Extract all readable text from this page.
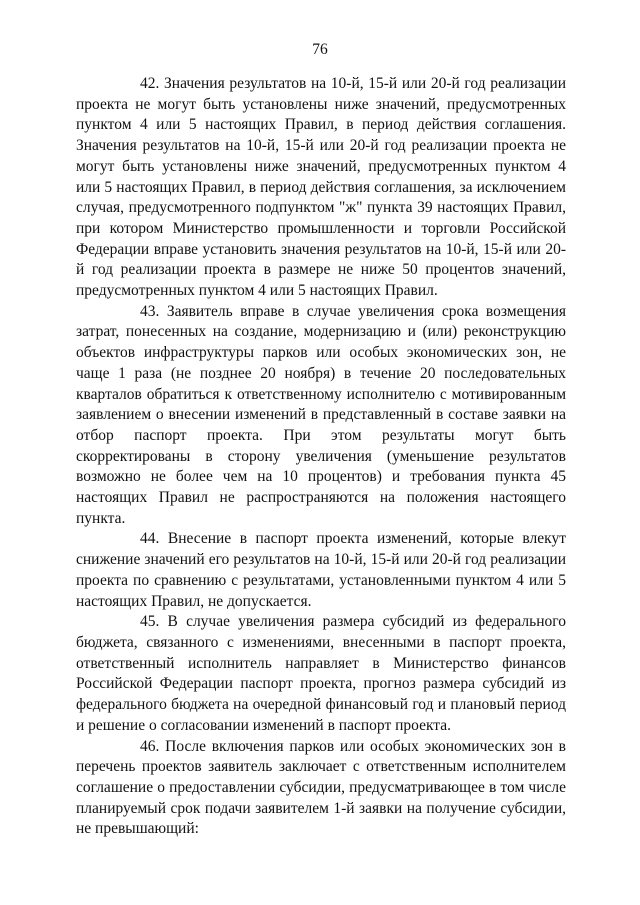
76

42. Значения результатов на 10-й, 15-й или 20-й год реализации проекта не могут быть установлены ниже значений, предусмотренных пунктом 4 или 5 настоящих Правил, в период действия соглашения. Значения результатов на 10-й, 15-й или 20-й год реализации проекта не могут быть установлены ниже значений, предусмотренных пунктом 4 или 5 настоящих Правил, в период действия соглашения, за исключением случая, предусмотренного подпунктом "ж" пункта 39 настоящих Правил, при котором Министерство промышленности и торговли Российской Федерации вправе установить значения результатов на 10-й, 15-й или 20-й год реализации проекта в размере не ниже 50 процентов значений, предусмотренных пунктом 4 или 5 настоящих Правил.

43. Заявитель вправе в случае увеличения срока возмещения затрат, понесенных на создание, модернизацию и (или) реконструкцию объектов инфраструктуры парков или особых экономических зон, не чаще 1 раза (не позднее 20 ноября) в течение 20 последовательных кварталов обратиться к ответственному исполнителю с мотивированным заявлением о внесении изменений в представленный в составе заявки на отбор паспорт проекта. При этом результаты могут быть скорректированы в сторону увеличения (уменьшение результатов возможно не более чем на 10 процентов) и требования пункта 45 настоящих Правил не распространяются на положения настоящего пункта.

44. Внесение в паспорт проекта изменений, которые влекут снижение значений его результатов на 10-й, 15-й или 20-й год реализации проекта по сравнению с результатами, установленными пунктом 4 или 5 настоящих Правил, не допускается.

45. В случае увеличения размера субсидий из федерального бюджета, связанного с изменениями, внесенными в паспорт проекта, ответственный исполнитель направляет в Министерство финансов Российской Федерации паспорт проекта, прогноз размера субсидий из федерального бюджета на очередной финансовый год и плановый период и решение о согласовании изменений в паспорт проекта.

46. После включения парков или особых экономических зон в перечень проектов заявитель заключает с ответственным исполнителем соглашение о предоставлении субсидии, предусматривающее в том числе планируемый срок подачи заявителем 1-й заявки на получение субсидии, не превышающий:
